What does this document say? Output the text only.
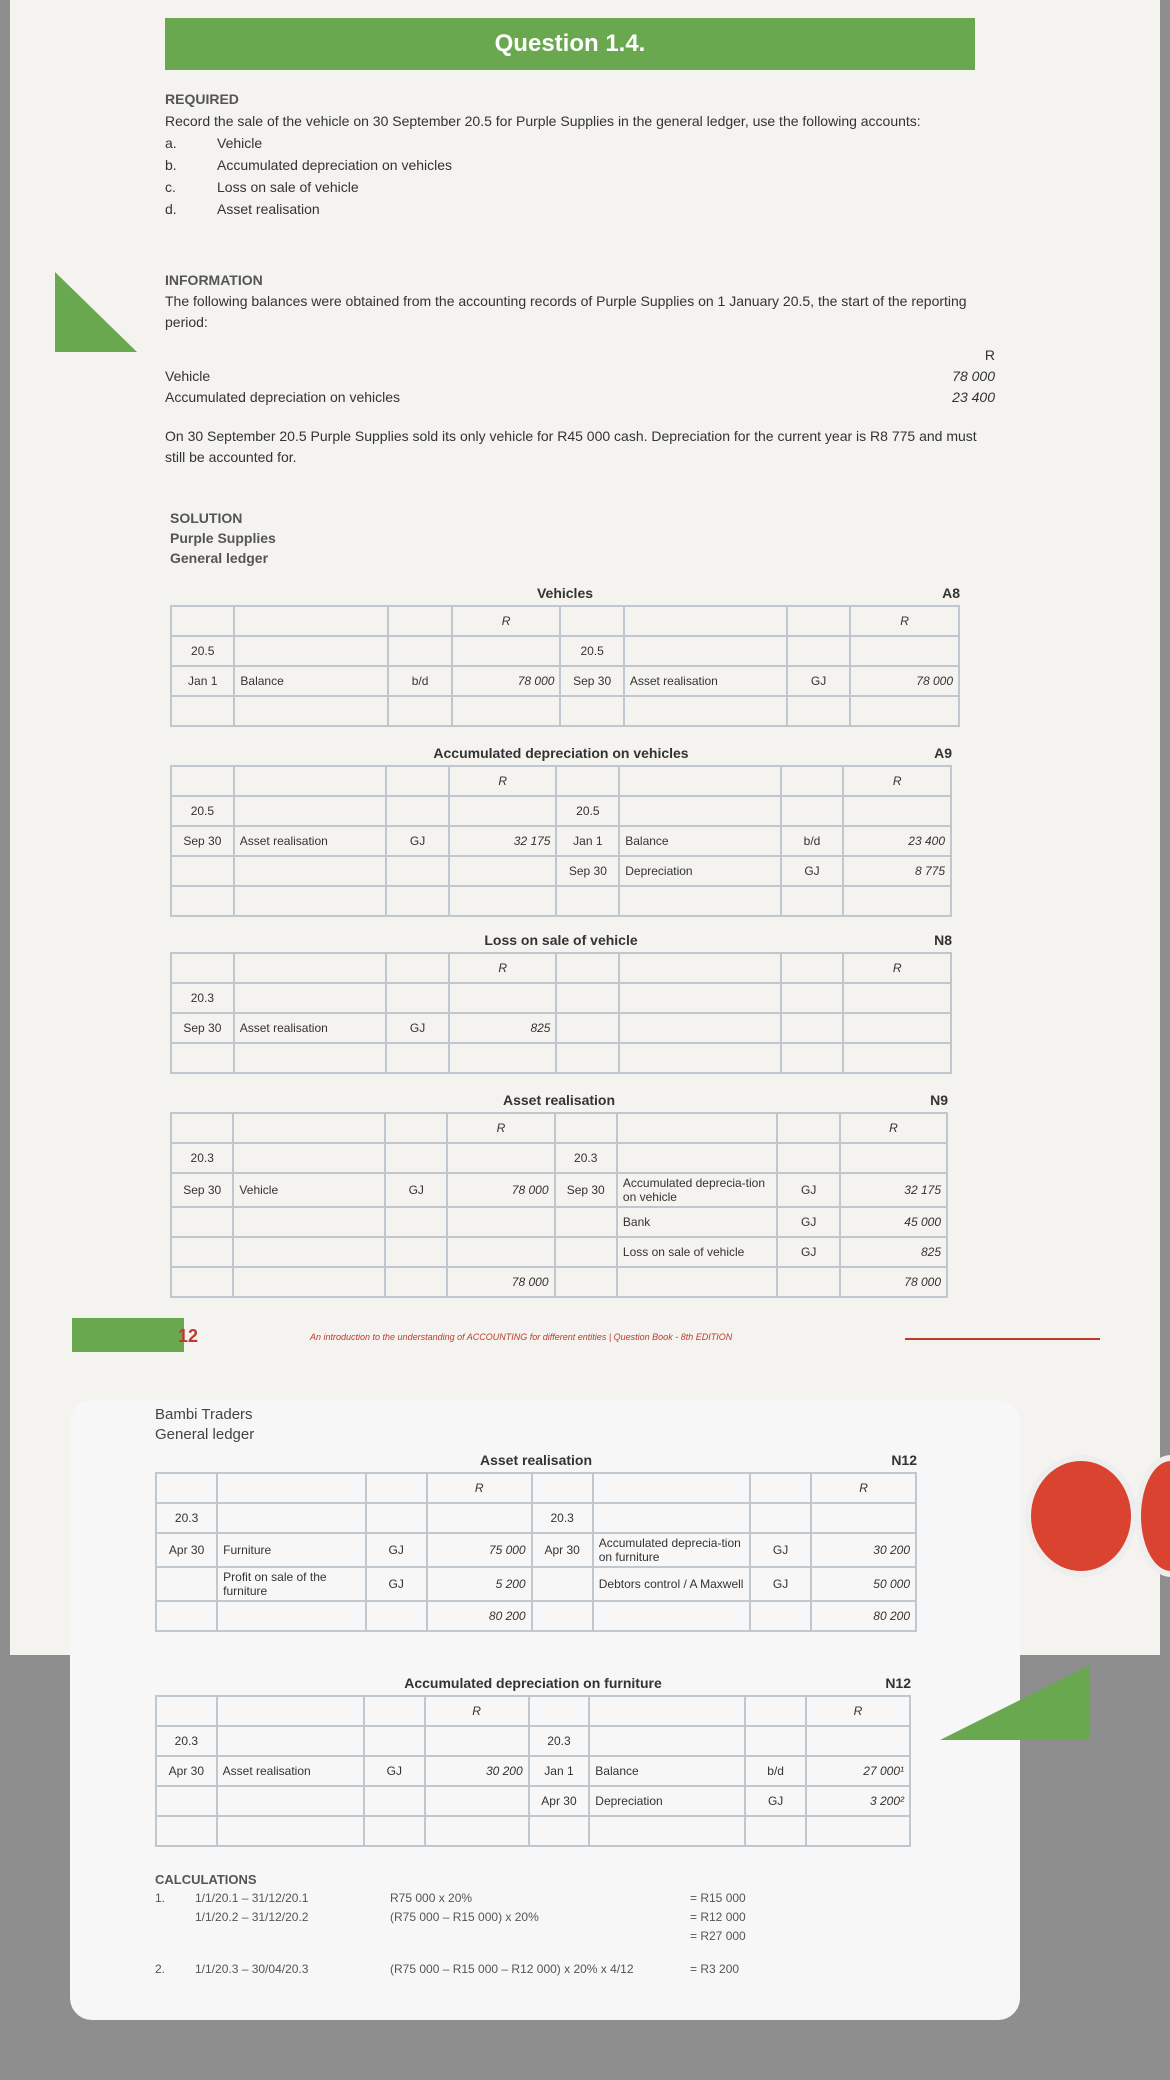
Question 1.4.
REQUIRED
Record the sale of the vehicle on 30 September 20.5 for Purple Supplies in the general ledger, use the following accounts:
a.	Vehicle
b.	Accumulated depreciation on vehicles
c.	Loss on sale of vehicle
d.	Asset realisation
INFORMATION
The following balances were obtained from the accounting records of Purple Supplies on 1 January 20.5, the start of the reporting period:
R
Vehicle	78 000
Accumulated depreciation on vehicles	23 400
On 30 September 20.5 Purple Supplies sold its only vehicle for R45 000 cash. Depreciation for the current year is R8 775 and must still be accounted for.
SOLUTION
Purple Supplies
General ledger
Vehicles	A8
			R				R
20.5				20.5			
Jan 1	Balance	b/d	78 000	Sep 30	Asset realisation	GJ	78 000

Accumulated depreciation on vehicles	A9
			R				R
20.5				20.5			
Sep 30	Asset realisation	GJ	32 175	Jan 1	Balance	b/d	23 400
				Sep 30	Depreciation	GJ	8 775

Loss on sale of vehicle	N8
			R				R
20.3							
Sep 30	Asset realisation	GJ	825				

Asset realisation	N9
			R				R
20.3				20.3			
Sep 30	Vehicle	GJ	78 000	Sep 30	Accumulated deprecia-tion on vehicle	GJ	32 175
					Bank	GJ	45 000
					Loss on sale of vehicle	GJ	825
			78 000				78 000
12	An introduction to the understanding of ACCOUNTING for different entities | Question Book - 8th EDITION
Bambi Traders
General ledger
Asset realisation	N12
			R				R
20.3				20.3			
Apr 30	Furniture	GJ	75 000	Apr 30	Accumulated deprecia-tion on furniture	GJ	30 200
	Profit on sale of the furniture	GJ	5 200		Debtors control / A Maxwell	GJ	50 000
			80 200				80 200
Accumulated depreciation on furniture	N12
			R				R
20.3				20.3			
Apr 30	Asset realisation	GJ	30 200	Jan 1	Balance	b/d	27 000¹
				Apr 30	Depreciation	GJ	3 200²

CALCULATIONS
1.	1/1/20.1 – 31/12/20.1	R75 000 x 20%	= R15 000
1/1/20.2 – 31/12/20.2	(R75 000 – R15 000) x 20%	= R12 000
= R27 000
2.	1/1/20.3 – 30/04/20.3	(R75 000 – R15 000 – R12 000) x 20% x 4/12	= R3 200
